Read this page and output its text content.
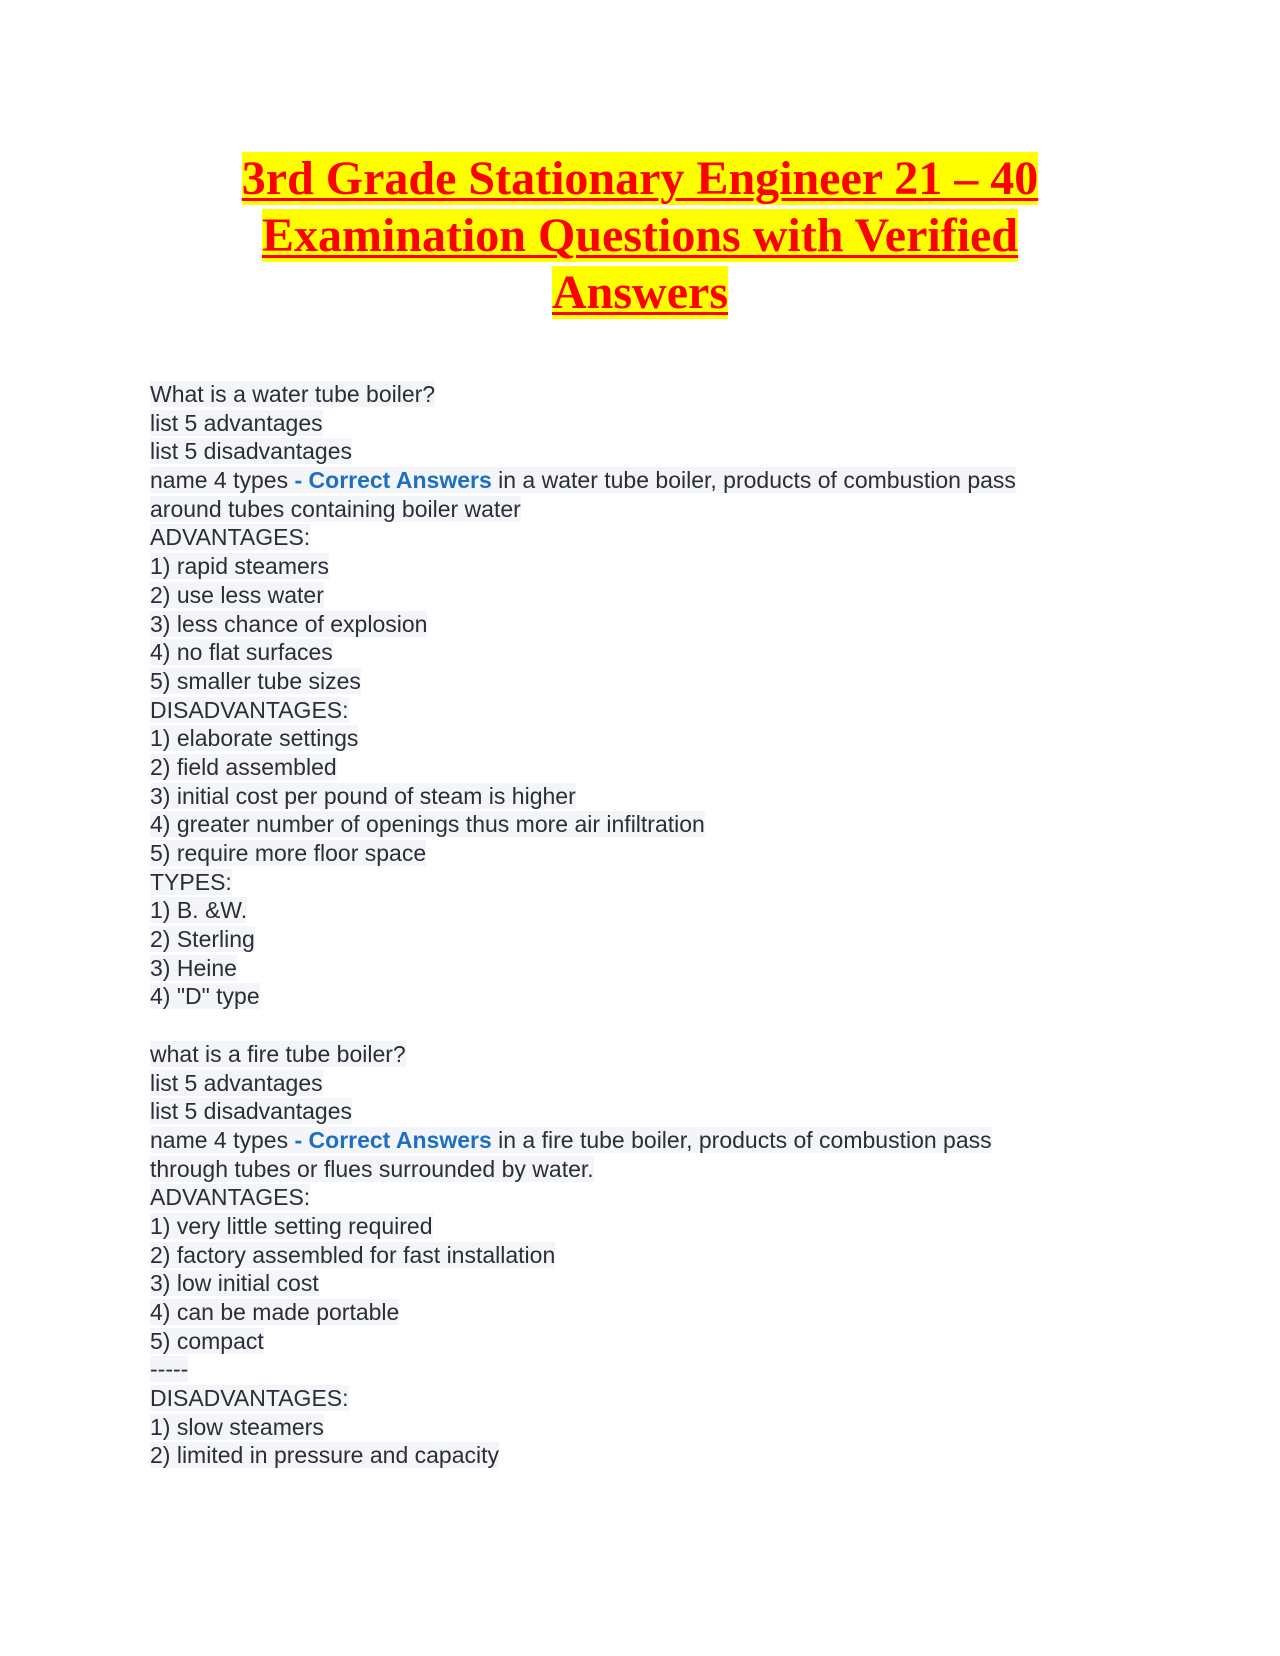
3rd Grade Stationary Engineer 21 – 40
Examination Questions with Verified
Answers
What is a water tube boiler?
list 5 advantages
list 5 disadvantages
name 4 types - Correct Answers in a water tube boiler, products of combustion pass
around tubes containing boiler water
ADVANTAGES:
1) rapid steamers
2) use less water
3) less chance of explosion
4) no flat surfaces
5) smaller tube sizes
DISADVANTAGES:
1) elaborate settings
2) field assembled
3) initial cost per pound of steam is higher
4) greater number of openings thus more air infiltration
5) require more floor space
TYPES:
1) B. &W.
2) Sterling
3) Heine
4) "D" type
what is a fire tube boiler?
list 5 advantages
list 5 disadvantages
name 4 types - Correct Answers in a fire tube boiler, products of combustion pass
through tubes or flues surrounded by water.
ADVANTAGES:
1) very little setting required
2) factory assembled for fast installation
3) low initial cost
4) can be made portable
5) compact
-----
DISADVANTAGES:
1) slow steamers
2) limited in pressure and capacity
